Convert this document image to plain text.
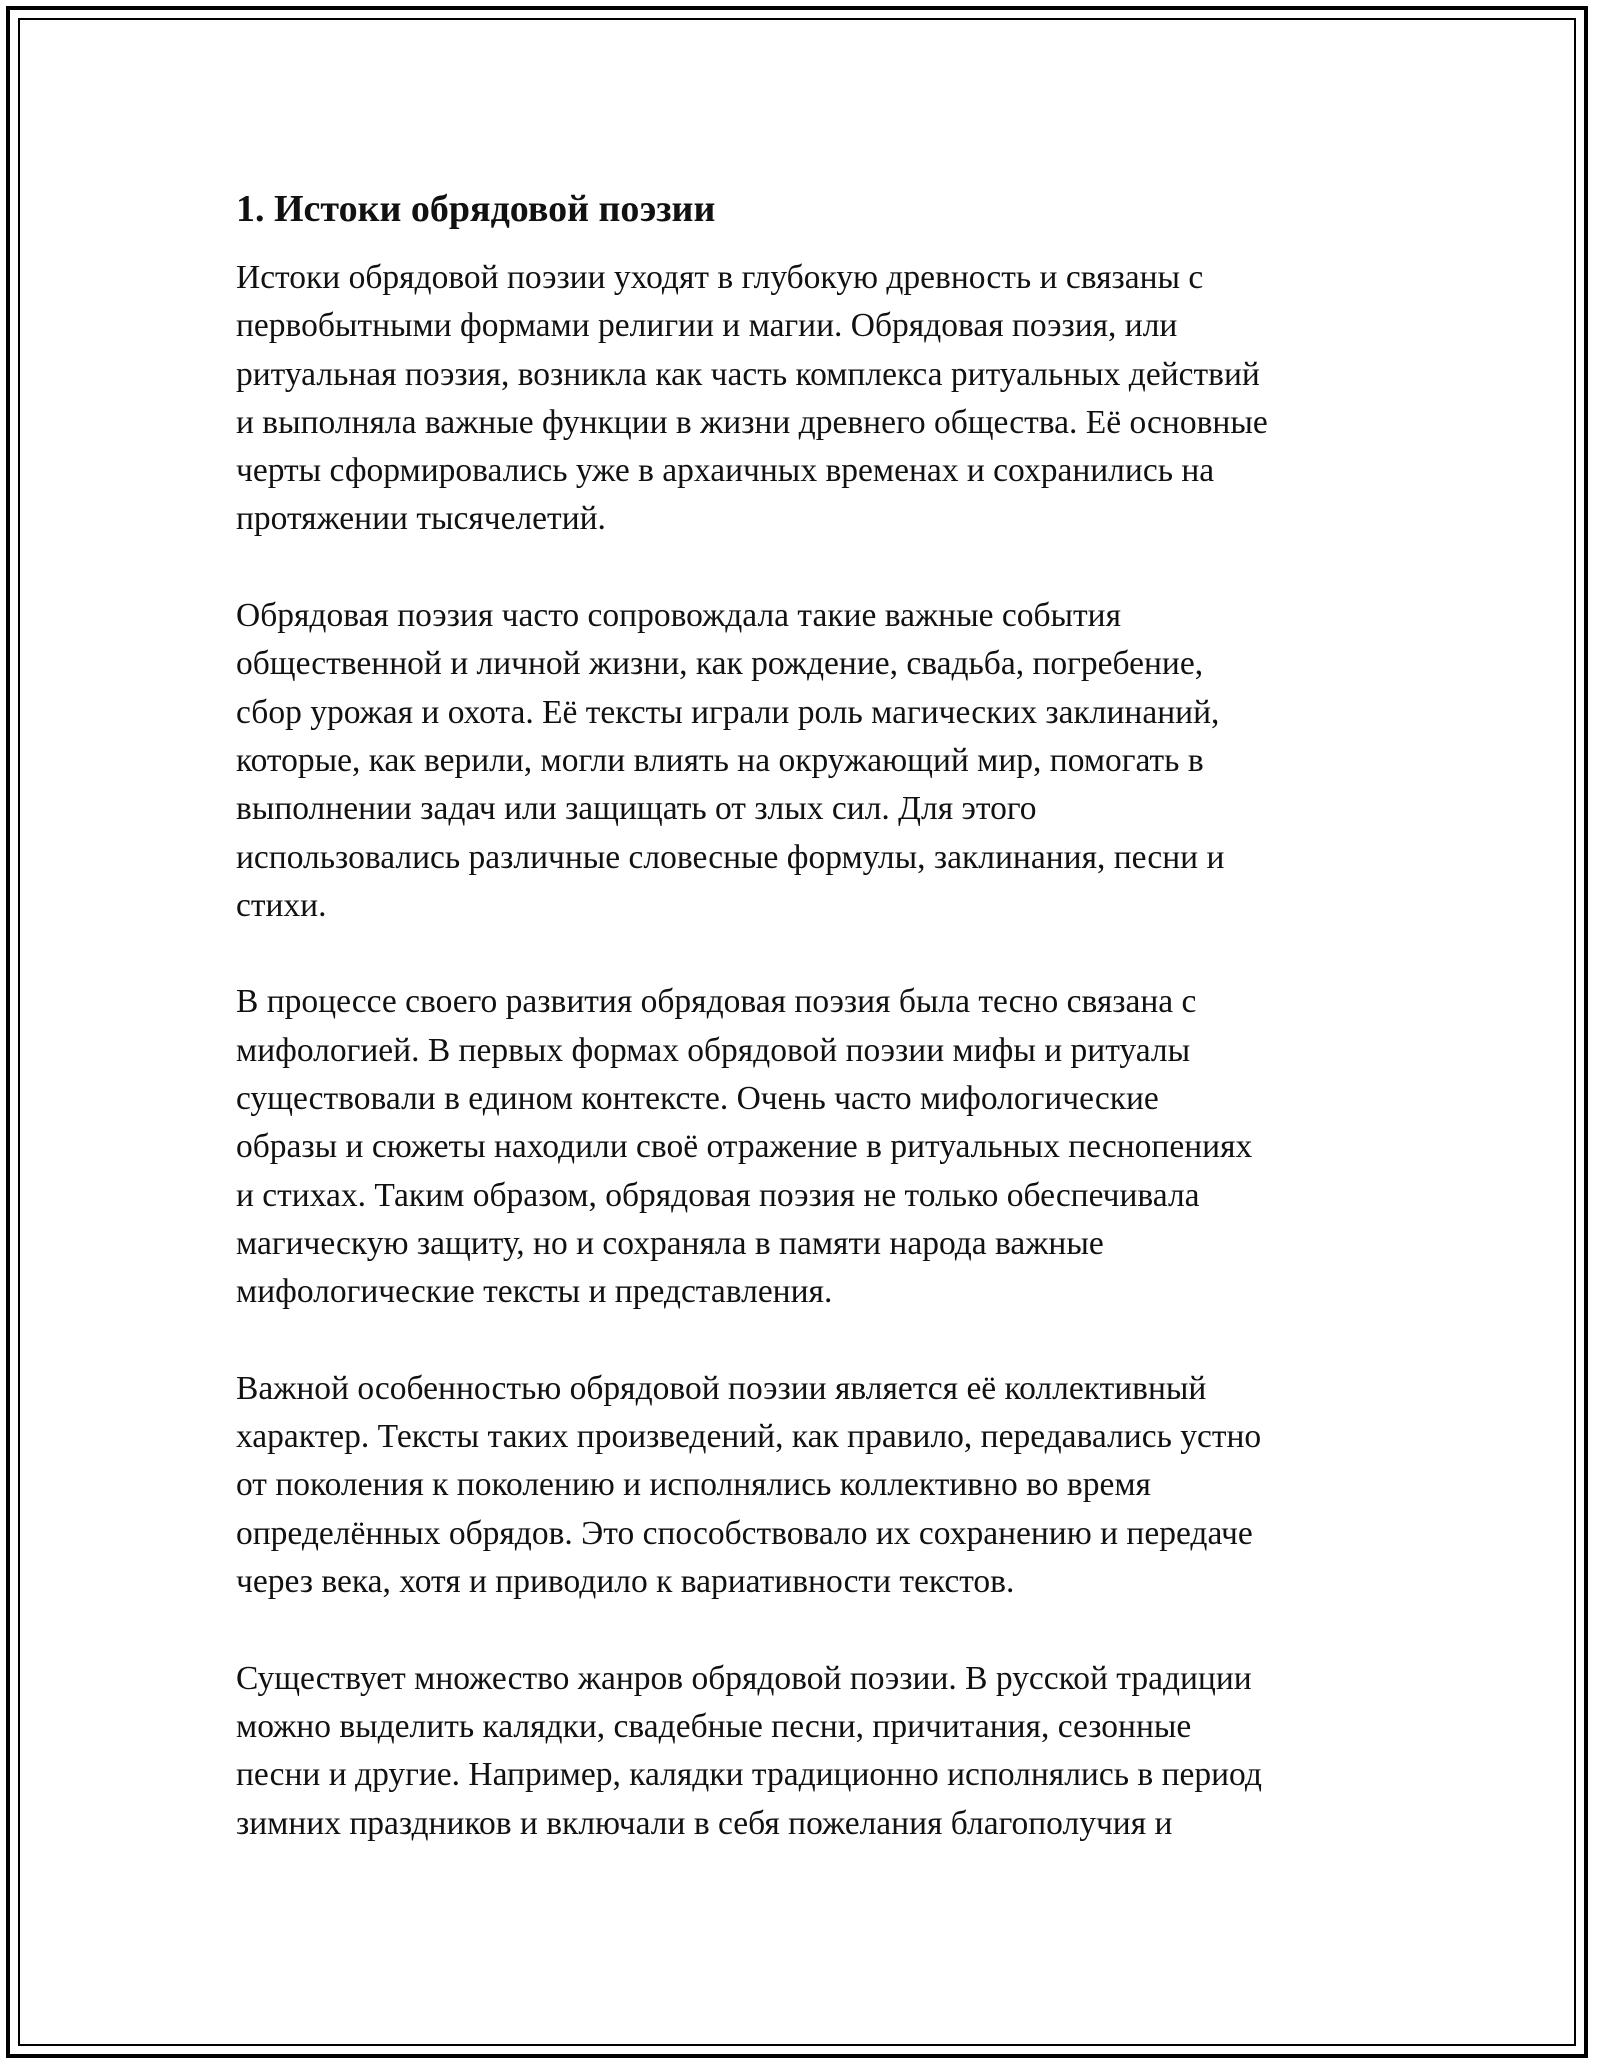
1. Истоки обрядовой поэзии
Истоки обрядовой поэзии уходят в глубокую древность и связаны с
первобытными формами религии и магии. Обрядовая поэзия, или
ритуальная поэзия, возникла как часть комплекса ритуальных действий
и выполняла важные функции в жизни древнего общества. Её основные
черты сформировались уже в архаичных временах и сохранились на
протяжении тысячелетий.
Обрядовая поэзия часто сопровождала такие важные события
общественной и личной жизни, как рождение, свадьба, погребение,
сбор урожая и охота. Её тексты играли роль магических заклинаний,
которые, как верили, могли влиять на окружающий мир, помогать в
выполнении задач или защищать от злых сил. Для этого
использовались различные словесные формулы, заклинания, песни и
стихи.
В процессе своего развития обрядовая поэзия была тесно связана с
мифологией. В первых формах обрядовой поэзии мифы и ритуалы
существовали в едином контексте. Очень часто мифологические
образы и сюжеты находили своё отражение в ритуальных песнопениях
и стихах. Таким образом, обрядовая поэзия не только обеспечивала
магическую защиту, но и сохраняла в памяти народа важные
мифологические тексты и представления.
Важной особенностью обрядовой поэзии является её коллективный
характер. Тексты таких произведений, как правило, передавались устно
от поколения к поколению и исполнялись коллективно во время
определённых обрядов. Это способствовало их сохранению и передаче
через века, хотя и приводило к вариативности текстов.
Существует множество жанров обрядовой поэзии. В русской традиции
можно выделить калядки, свадебные песни, причитания, сезонные
песни и другие. Например, калядки традиционно исполнялись в период
зимних праздников и включали в себя пожелания благополучия и
